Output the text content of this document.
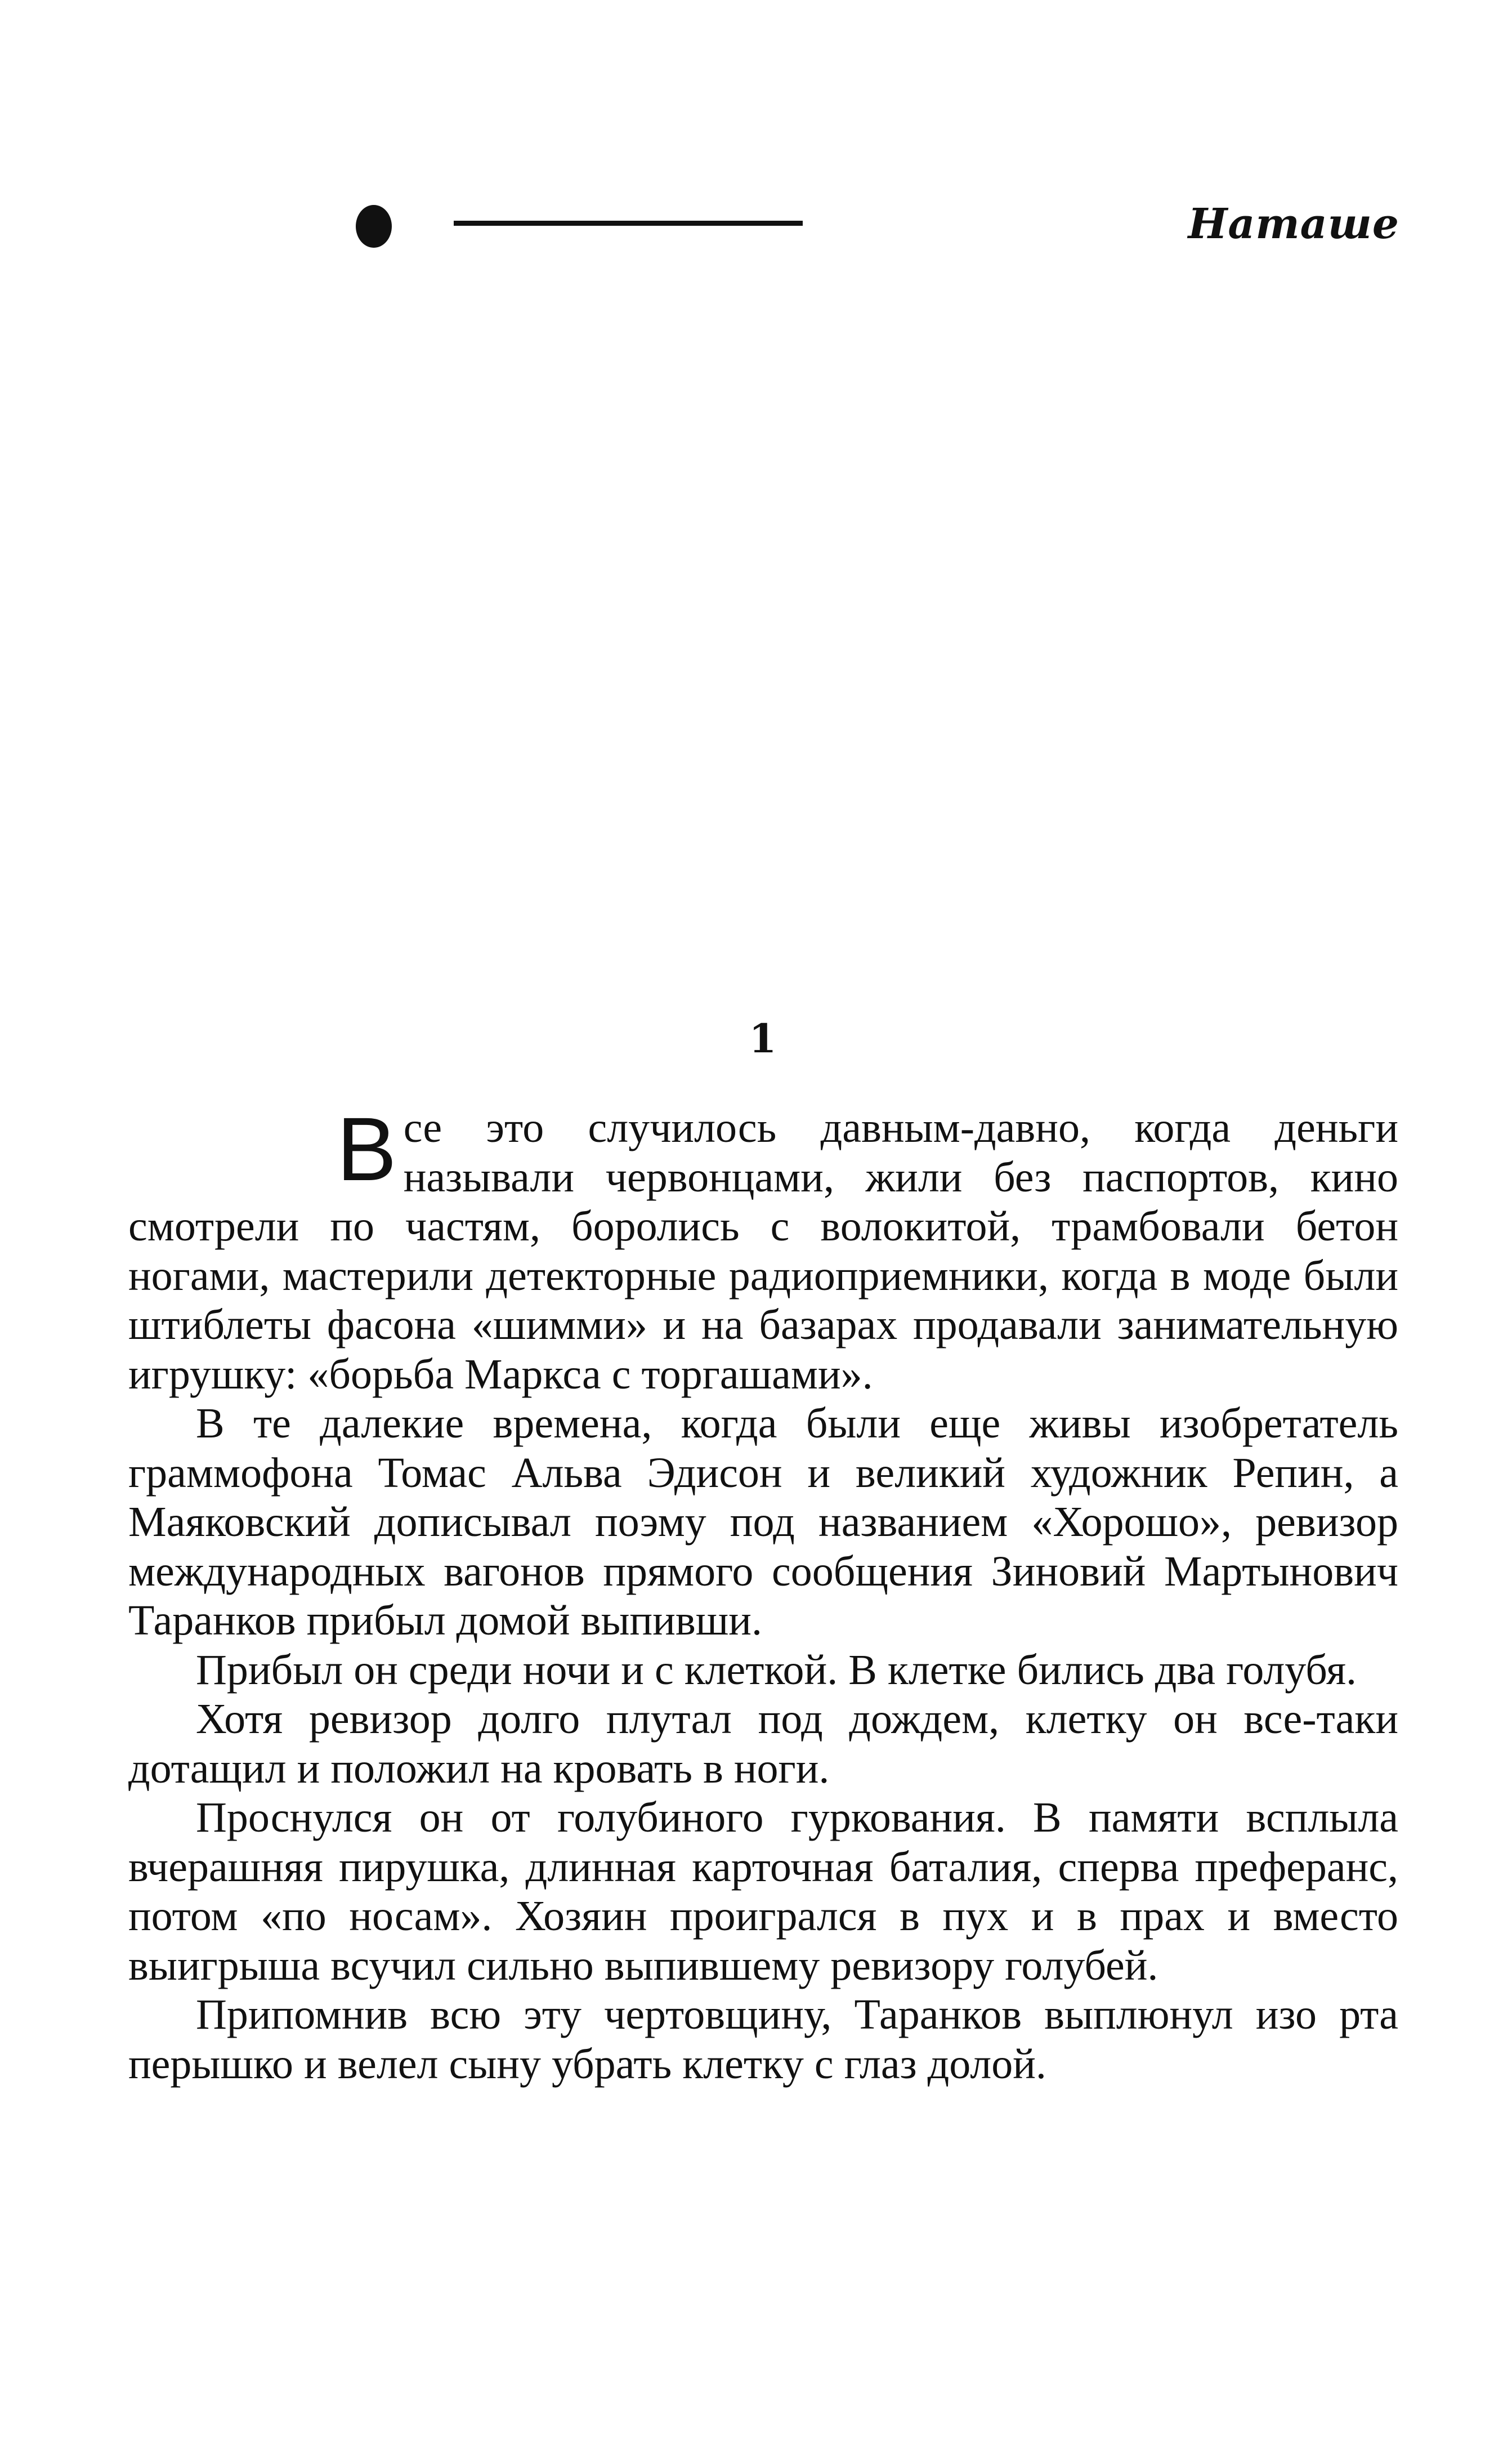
Наташе
1

Все это случилось давным-давно, когда деньги называли червонцами, жили без паспортов, кино смотрели по частям, боролись с волокитой, трамбовали бетон ногами, мастерили детекторные радиоприемники, когда в моде были штиблеты фасона «шимми» и на базарах продавали занимательную игрушку: «борьба Маркса с торгашами».

В те далекие времена, когда были еще живы изобретатель граммофона Томас Альва Эдисон и великий художник Репин, а Маяковский дописывал поэму под названием «Хорошо», ревизор международных вагонов прямого сообщения Зиновий Мартынович Таранков прибыл домой выпивши.

Прибыл он среди ночи и с клеткой. В клетке бились два голубя.

Хотя ревизор долго плутал под дождем, клетку он все-таки дотащил и положил на кровать в ноги.

Проснулся он от голубиного гуркования. В памяти всплыла вчерашняя пирушка, длинная карточная баталия, сперва преферанс, потом «по носам». Хозяин проигрался в пух и в прах и вместо выигрыша всучил сильно выпившему ревизору голубей.

Припомнив всю эту чертовщину, Таранков выплюнул изо рта перышко и велел сыну убрать клетку с глаз долой.
